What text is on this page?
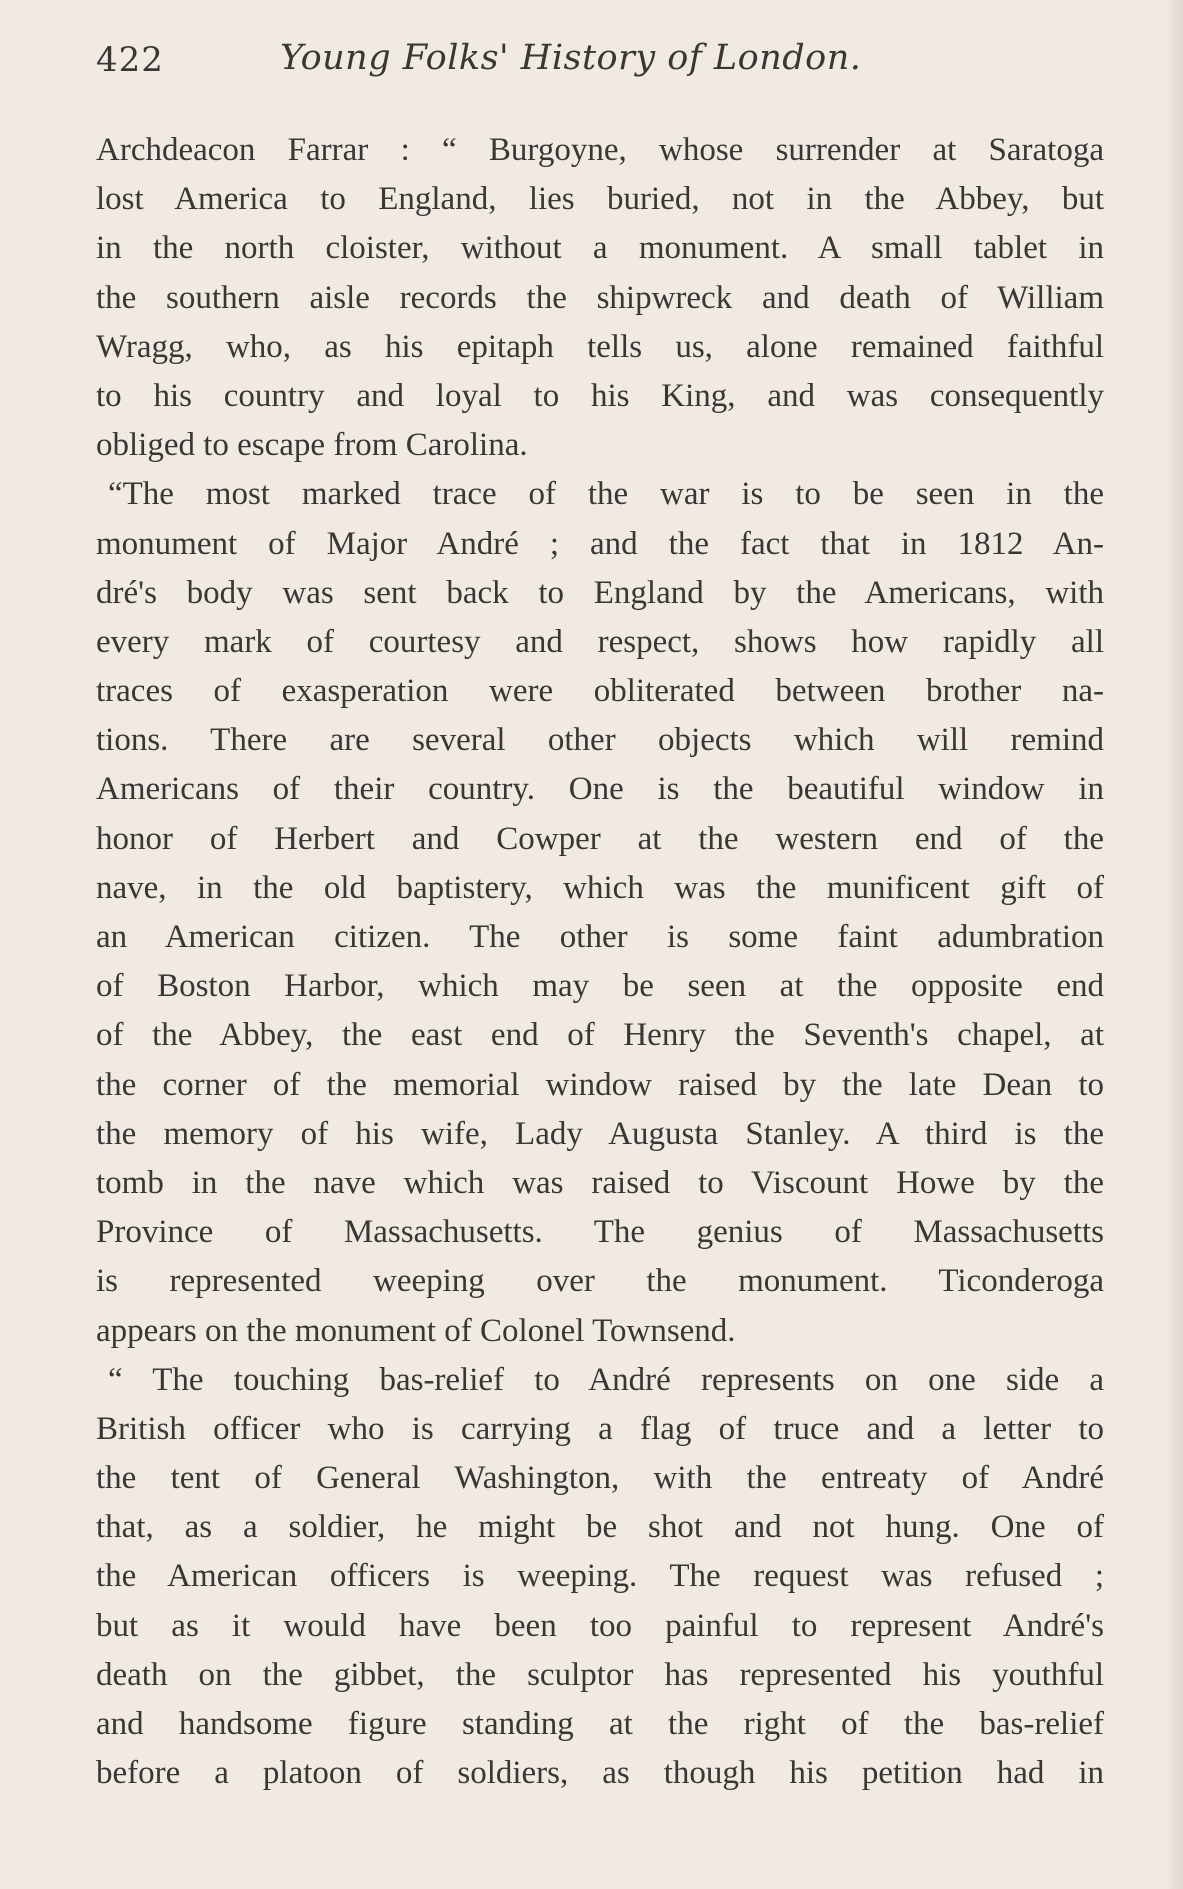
422	Young Folks' History of London.
Archdeacon Farrar : “ Burgoyne, whose surrender at Saratoga
lost America to England, lies buried, not in the Abbey, but
in the north cloister, without a monument. A small tablet in
the southern aisle records the shipwreck and death of William
Wragg, who, as his epitaph tells us, alone remained faithful
to his country and loyal to his King, and was consequently
obliged to escape from Carolina.
“The most marked trace of the war is to be seen in the
monument of Major André ; and the fact that in 1812 An-
dré's body was sent back to England by the Americans, with
every mark of courtesy and respect, shows how rapidly all
traces of exasperation were obliterated between brother na-
tions. There are several other objects which will remind
Americans of their country. One is the beautiful window in
honor of Herbert and Cowper at the western end of the
nave, in the old baptistery, which was the munificent gift of
an American citizen. The other is some faint adumbration
of Boston Harbor, which may be seen at the opposite end
of the Abbey, the east end of Henry the Seventh's chapel, at
the corner of the memorial window raised by the late Dean to
the memory of his wife, Lady Augusta Stanley. A third is the
tomb in the nave which was raised to Viscount Howe by the
Province of Massachusetts. The genius of Massachusetts
is represented weeping over the monument. Ticonderoga
appears on the monument of Colonel Townsend.
“ The touching bas-relief to André represents on one side a
British officer who is carrying a flag of truce and a letter to
the tent of General Washington, with the entreaty of André
that, as a soldier, he might be shot and not hung. One of
the American officers is weeping. The request was refused ;
but as it would have been too painful to represent André's
death on the gibbet, the sculptor has represented his youthful
and handsome figure standing at the right of the bas-relief
before a platoon of soldiers, as though his petition had in
